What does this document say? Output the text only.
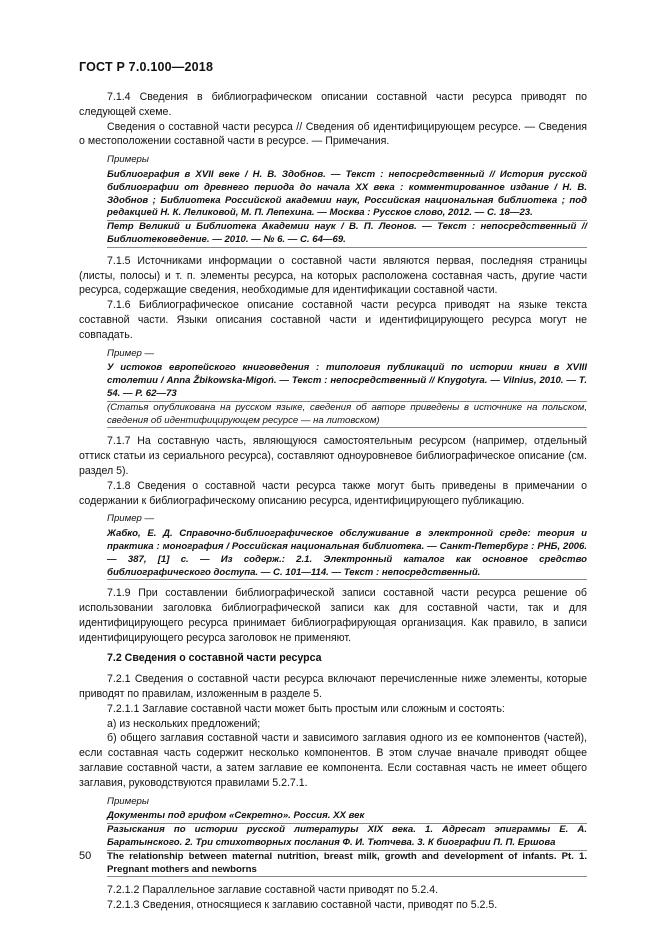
ГОСТ Р 7.0.100—2018

7.1.4 Сведения в библиографическом описании составной части ресурса приводят по следующей схеме.

Сведения о составной части ресурса // Сведения об идентифицирующем ресурсе. — Сведения о местоположении составной части в ресурсе. — Примечания.

Примеры

Библиография в XVII веке / Н. В. Здобнов. — Текст : непосредственный // История русской библиографии от древнего периода до начала XX века : комментированное издание / Н. В. Здобнов ; Библиотека Российской академии наук, Российская национальная библиотека ; под редакцией Н. К. Леликовой, М. П. Лепехина. — Москва : Русское слово, 2012. — С. 18—23.

Петр Великий и Библиотека Академии наук / В. П. Леонов. — Текст : непосредственный // Библиотековедение. — 2010. — № 6. — С. 64—69.

7.1.5 Источниками информации о составной части являются первая, последняя страницы (листы, полосы) и т. п. элементы ресурса, на которых расположена составная часть, другие части ресурса, содержащие сведения, необходимые для идентификации составной части.

7.1.6 Библиографическое описание составной части ресурса приводят на языке текста составной части. Языки описания составной части и идентифицирующего ресурса могут не совпадать.

Пример —

У истоков европейского книговедения : типология публикаций по истории книги в XVIII столетии / Anna Žbikowska-Migoń. — Текст : непосредственный // Knygotyra. — Vilnius, 2010. — Т. 54. — P. 62—73

(Статья опубликована на русском языке, сведения об авторе приведены в источнике на польском, сведения об идентифицирующем ресурсе — на литовском)

7.1.7 На составную часть, являющуюся самостоятельным ресурсом (например, отдельный оттиск статьи из сериального ресурса), составляют одноуровневое библиографическое описание (см. раздел 5).

7.1.8 Сведения о составной части ресурса также могут быть приведены в примечании о содержании к библиографическому описанию ресурса, идентифицирующего публикацию.

Пример —

Жабко, Е. Д. Справочно-библиографическое обслуживание в электронной среде: теория и практика : монография / Российская национальная библиотека. — Санкт-Петербург : РНБ, 2006. — 387, [1] с. — Из содерж.: 2.1. Электронный каталог как основное средство библиографического доступа. — С. 101—114. — Текст : непосредственный.

7.1.9 При составлении библиографической записи составной части ресурса решение об использовании заголовка библиографической записи как для составной части, так и для идентифицирующего ресурса принимает библиографирующая организация. Как правило, в записи идентифицирующего ресурса заголовок не применяют.

7.2 Сведения о составной части ресурса

7.2.1 Сведения о составной части ресурса включают перечисленные ниже элементы, которые приводят по правилам, изложенным в разделе 5.

7.2.1.1 Заглавие составной части может быть простым или сложным и состоять:

а) из нескольких предложений;

б) общего заглавия составной части и зависимого заглавия одного из ее компонентов (частей), если составная часть содержит несколько компонентов. В этом случае вначале приводят общее заглавие составной части, а затем заглавие ее компонента. Если составная часть не имеет общего заглавия, руководствуются правилами 5.2.7.1.

Примеры

Документы под грифом «Секретно». Россия. XX век

Разыскания по истории русской литературы XIX века. 1. Адресат эпиграммы Е. А. Баратынского. 2. Три стихотворных послания Ф. И. Тютчева. 3. К биографии П. П. Ершова

The relationship between maternal nutrition, breast milk, growth and development of infants. Pt. 1. Pregnant mothers and newborns

7.2.1.2 Параллельное заглавие составной части приводят по 5.2.4.

7.2.1.3 Сведения, относящиеся к заглавию составной части, приводят по 5.2.5.

50
